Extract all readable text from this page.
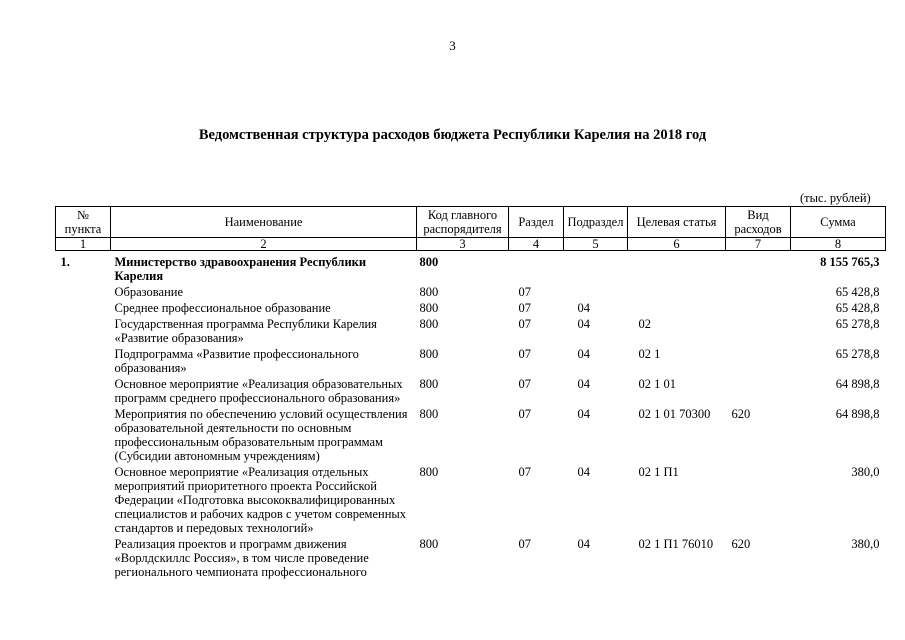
3
Ведомственная структура расходов бюджета Республики Карелия на 2018 год
(тыс. рублей)
№ пункта	Наименование	Код главного распорядителя	Раздел	Подраздел	Целевая статья	Вид расходов	Сумма
1	2	3	4	5	6	7	8
1.	Министерство здравоохранения Республики Карелия	800					8 155 765,3
	Образование	800	07				65 428,8
	Среднее профессиональное образование	800	07	04			65 428,8
	Государственная программа Республики Карелия «Развитие образования»	800	07	04	02		65 278,8
	Подпрограмма «Развитие профессионального образования»	800	07	04	02 1		65 278,8
	Основное мероприятие «Реализация образовательных программ среднего профессионального образования»	800	07	04	02 1 01		64 898,8
	Мероприятия по обеспечению условий осуществления образовательной деятельности по основным профессиональным образовательным программам (Субсидии автономным учреждениям)	800	07	04	02 1 01 70300	620	64 898,8
	Основное мероприятие «Реализация отдельных мероприятий приоритетного проекта Российской Федерации «Подготовка высококвалифицированных специалистов и рабочих кадров с учетом современных стандартов и передовых технологий»	800	07	04	02 1 П1		380,0
	Реализация проектов и программ движения «Ворлдскиллс Россия», в том числе проведение регионального чемпионата профессионального	800	07	04	02 1 П1 76010	620	380,0
